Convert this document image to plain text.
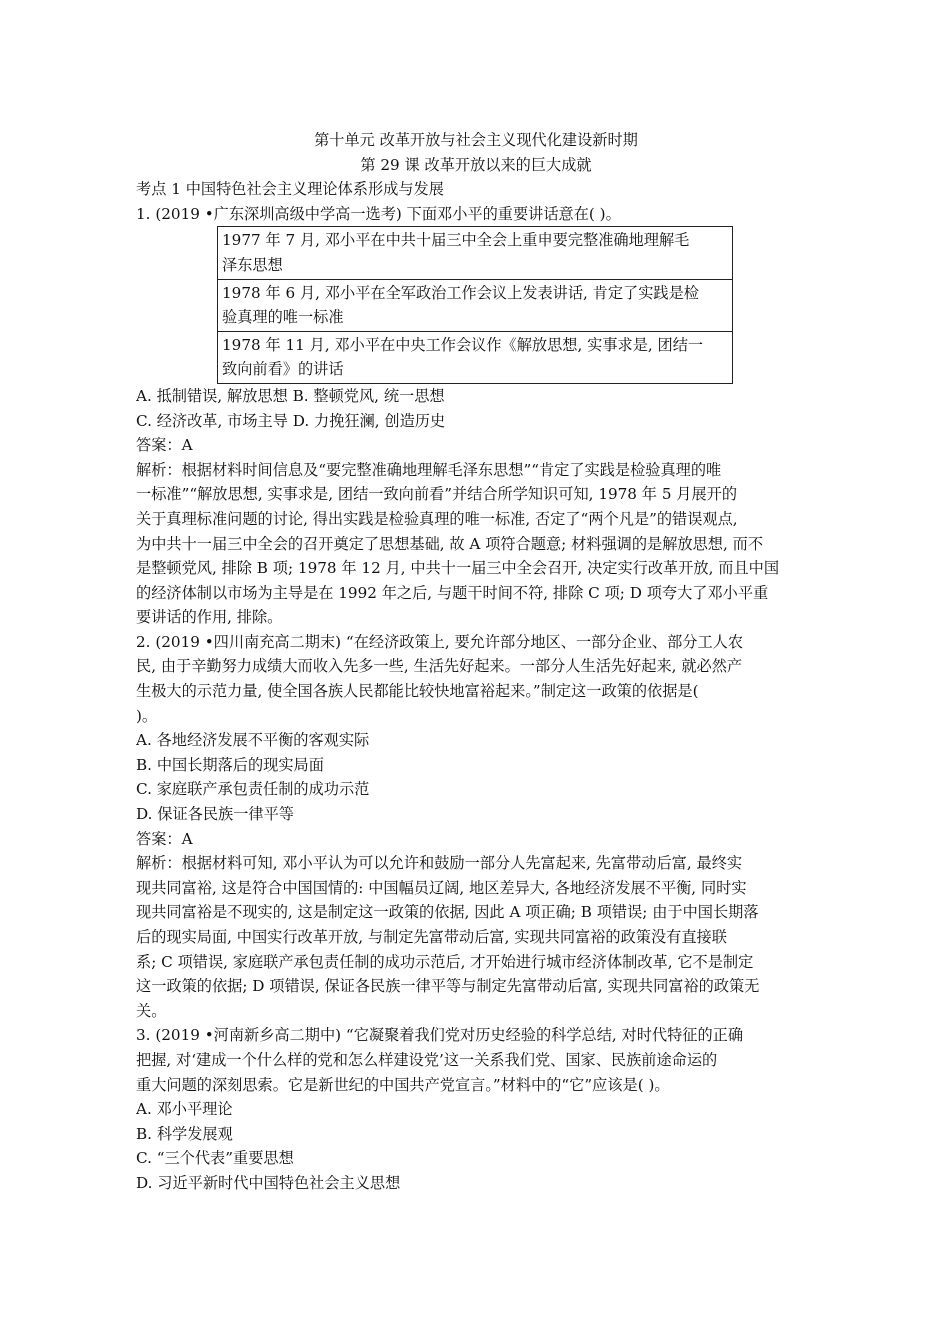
第十单元 改革开放与社会主义现代化建设新时期
第 29 课 改革开放以来的巨大成就
考点 1 中国特色社会主义理论体系形成与发展
1. (2019 •广东深圳高级中学高一选考) 下面邓小平的重要讲话意在( )。
1977 年 7 月, 邓小平在中共十届三中全会上重申要完整准确地理解毛
泽东思想

1978 年 6 月, 邓小平在全军政治工作会议上发表讲话, 肯定了实践是检
验真理的唯一标准

1978 年 11 月, 邓小平在中央工作会议作《解放思想, 实事求是, 团结一
致向前看》的讲话
A. 抵制错误, 解放思想 B. 整顿党风, 统一思想
C. 经济改革, 市场主导 D. 力挽狂澜, 创造历史
答案：A
解析：根据材料时间信息及“要完整准确地理解毛泽东思想”“肯定了实践是检验真理的唯
一标准”“解放思想, 实事求是, 团结一致向前看”并结合所学知识可知, 1978 年 5 月展开的
关于真理标准问题的讨论, 得出实践是检验真理的唯一标准, 否定了“两个凡是”的错误观点,
为中共十一届三中全会的召开奠定了思想基础, 故 A 项符合题意; 材料强调的是解放思想, 而不
是整顿党风, 排除 B 项; 1978 年 12 月, 中共十一届三中全会召开, 决定实行改革开放, 而且中国
的经济体制以市场为主导是在 1992 年之后, 与题干时间不符, 排除 C 项; D 项夸大了邓小平重
要讲话的作用, 排除。
2. (2019 •四川南充高二期末) “在经济政策上, 要允许部分地区、一部分企业、部分工人农
民, 由于辛勤努力成绩大而收入先多一些, 生活先好起来。一部分人生活先好起来, 就必然产
生极大的示范力量, 使全国各族人民都能比较快地富裕起来。”制定这一政策的依据是(
)。
A. 各地经济发展不平衡的客观实际
B. 中国长期落后的现实局面
C. 家庭联产承包责任制的成功示范
D. 保证各民族一律平等
答案：A
解析：根据材料可知, 邓小平认为可以允许和鼓励一部分人先富起来, 先富带动后富, 最终实
现共同富裕, 这是符合中国国情的: 中国幅员辽阔, 地区差异大, 各地经济发展不平衡, 同时实
现共同富裕是不现实的, 这是制定这一政策的依据, 因此 A 项正确; B 项错误; 由于中国长期落
后的现实局面, 中国实行改革开放, 与制定先富带动后富, 实现共同富裕的政策没有直接联
系; C 项错误, 家庭联产承包责任制的成功示范后, 才开始进行城市经济体制改革, 它不是制定
这一政策的依据; D 项错误, 保证各民族一律平等与制定先富带动后富, 实现共同富裕的政策无
关。
3. (2019 •河南新乡高二期中) “它凝聚着我们党对历史经验的科学总结, 对时代特征的正确
把握, 对‘建成一个什么样的党和怎么样建设党’这一关系我们党、国家、民族前途命运的
重大问题的深刻思索。它是新世纪的中国共产党宣言。”材料中的“它”应该是( )。
A. 邓小平理论
B. 科学发展观
C. “三个代表”重要思想
D. 习近平新时代中国特色社会主义思想
